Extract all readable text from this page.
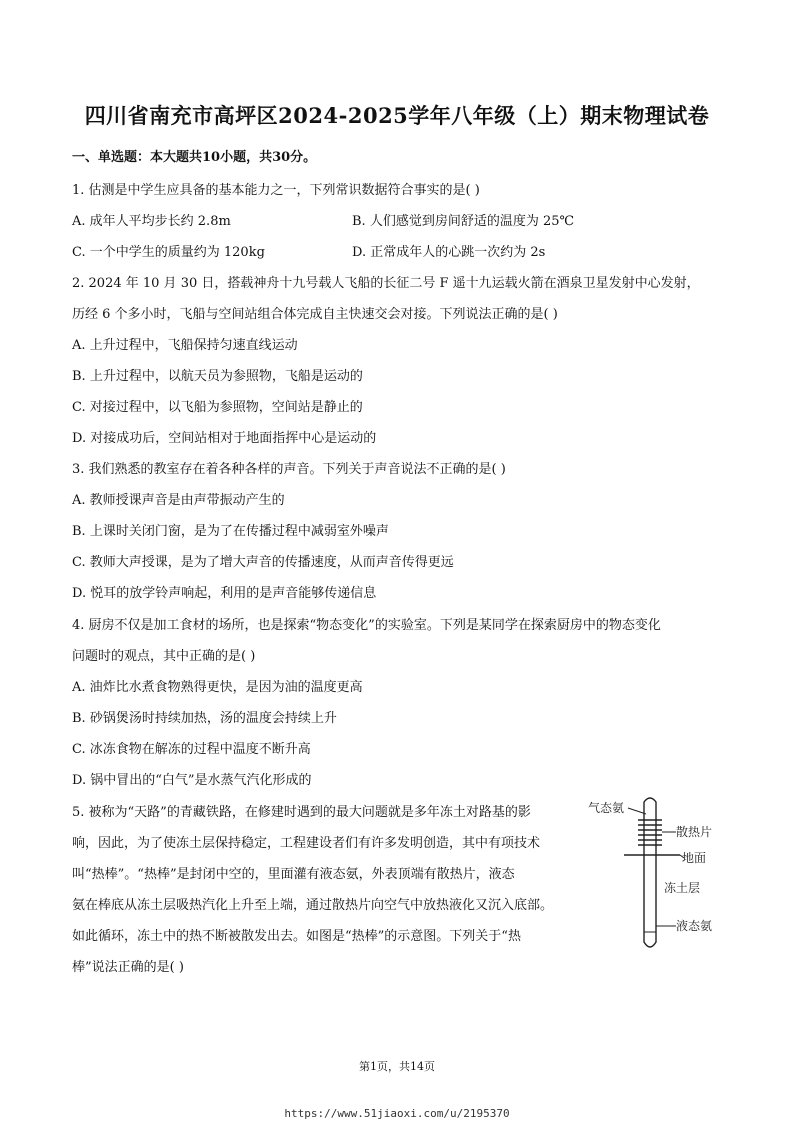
四川省南充市高坪区2024-2025学年八年级（上）期末物理试卷
一、单选题：本大题共10小题，共30分。
1. 估测是中学生应具备的基本能力之一，下列常识数据符合事实的是( )
A. 成年人平均步长约 2.8m	B. 人们感觉到房间舒适的温度为 25℃
C. 一个中学生的质量约为 120kg	D. 正常成年人的心跳一次约为 2s
2. 2024 年 10 月 30 日，搭载神舟十九号载人飞船的长征二号 F 遥十九运载火箭在酒泉卫星发射中心发射，
历经 6 个多小时，飞船与空间站组合体完成自主快速交会对接。下列说法正确的是( )
A. 上升过程中，飞船保持匀速直线运动
B. 上升过程中，以航天员为参照物，飞船是运动的
C. 对接过程中，以飞船为参照物，空间站是静止的
D. 对接成功后，空间站相对于地面指挥中心是运动的
3. 我们熟悉的教室存在着各种各样的声音。下列关于声音说法不正确的是( )
A. 教师授课声音是由声带振动产生的
B. 上课时关闭门窗，是为了在传播过程中减弱室外噪声
C. 教师大声授课，是为了增大声音的传播速度，从而声音传得更远
D. 悦耳的放学铃声响起，利用的是声音能够传递信息
4. 厨房不仅是加工食材的场所，也是探索“物态变化”的实验室。下列是某同学在探索厨房中的物态变化
问题时的观点，其中正确的是( )
A. 油炸比水煮食物熟得更快，是因为油的温度更高
B. 砂锅煲汤时持续加热，汤的温度会持续上升
C. 冰冻食物在解冻的过程中温度不断升高
D. 锅中冒出的“白气”是水蒸气汽化形成的
5. 被称为“天路”的青藏铁路，在修建时遇到的最大问题就是多年冻土对路基的影
响，因此，为了使冻土层保持稳定，工程建设者们有许多发明创造，其中有项技术
叫“热棒”。“热棒”是封闭中空的，里面灌有液态氨，外表顶端有散热片，液态
氨在棒底从冻土层吸热汽化上升至上端，通过散热片向空气中放热液化又沉入底部。
如此循环，冻土中的热不断被散发出去。如图是“热棒”的示意图。下列关于“热
棒”说法正确的是( )
气态氨
散热片
地面
冻土层
液态氨
第1页，共14页
https://www.51jiaoxi.com/u/2195370
